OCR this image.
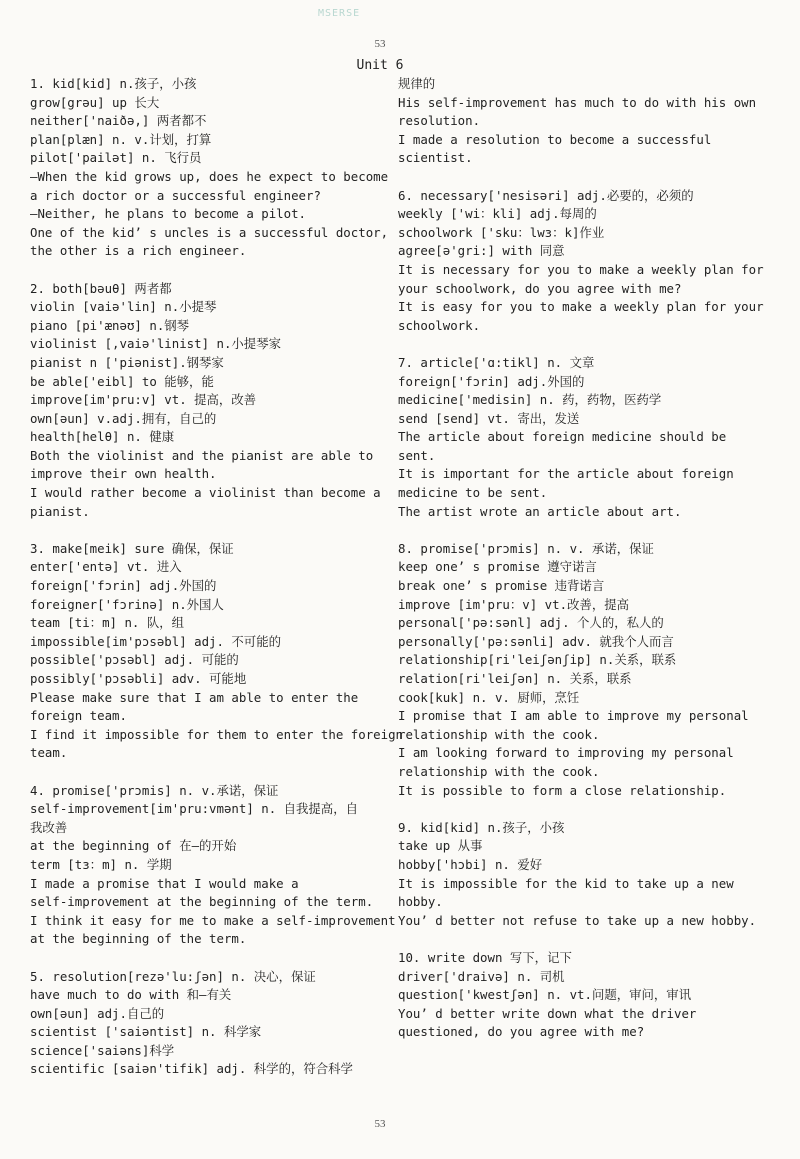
MSERSE
53
Unit 6
1. kid[kid] n.孩子，小孩
grow[grəu] up 长大
neither['naiðə,] 两者都不
plan[plæn] n. v.计划，打算
pilot['pailət] n. 飞行员
—When the kid grows up, does he expect to become
a rich doctor or a successful engineer?
—Neither, he plans to become a pilot.
One of the kid’ s uncles is a successful doctor,
the other is a rich engineer.
2. both[bəuθ] 两者都
violin [vaiə'lin] n.小提琴
piano [pi'ænəʊ] n.钢琴
violinist [,vaiə'linist] n.小提琴家
pianist n ['piənist].钢琴家
be able['eibl] to 能够，能
improve[im'pru:v] vt. 提高，改善
own[əun] v.adj.拥有，自己的
health[helθ] n. 健康
Both the violinist and the pianist are able to
improve their own health.
I would rather become a violinist than become a
pianist.
3. make[meik] sure 确保，保证
enter['entə] vt. 进入
foreign['fɔrin] adj.外国的
foreigner['fɔrinə] n.外国人
team [ti：m] n. 队，组
impossible[im'pɔsəbl] adj. 不可能的
possible['pɔsəbl] adj. 可能的
possibly['pɔsəbli] adv. 可能地
Please make sure that I am able to enter the
foreign team.
I find it impossible for them to enter the foreign
team.
4. promise['prɔmis] n. v.承诺，保证
self-improvement[im'pru:vmənt] n. 自我提高，自
我改善
at the beginning of 在—的开始
term [tɜ：m] n. 学期
I made a promise that I would make a
self-improvement at the beginning of the term.
I think it easy for me to make a self-improvement
at the beginning of the term.
5. resolution[rezə'lu:ʃən] n. 决心，保证
have much to do with 和—有关
own[əun] adj.自己的
scientist ['saiəntist] n. 科学家
science['saiəns]科学
scientific [saiən'tifik] adj. 科学的，符合科学
规律的
His self-improvement has much to do with his own
resolution.
I made a resolution to become a successful
scientist.
6. necessary['nesisəri] adj.必要的，必须的
weekly ['wi：kli] adj.每周的
schoolwork ['sku：lwɜ：k]作业
agree[ə'gri:] with 同意
It is necessary for you to make a weekly plan for
your schoolwork, do you agree with me?
It is easy for you to make a weekly plan for your
schoolwork.
7. article['ɑ:tikl] n. 文章
foreign['fɔrin] adj.外国的
medicine['medisin] n. 药，药物，医药学
send [send] vt. 寄出，发送
The article about foreign medicine should be
sent.
It is important for the article about foreign
medicine to be sent.
The artist wrote an article about art.
8. promise['prɔmis] n. v. 承诺，保证
keep one’ s promise 遵守诺言
break one’ s promise 违背诺言
improve [im'pru：v] vt.改善，提高
personal['pə:sənl] adj. 个人的，私人的
personally['pə:sənli] adv. 就我个人而言
relationship[ri'leiʃənʃip] n.关系，联系
relation[ri'leiʃən] n. 关系，联系
cook[kuk] n. v. 厨师，烹饪
I promise that I am able to improve my personal
relationship with the cook.
I am looking forward to improving my personal
relationship with the cook.
It is possible to form a close relationship.
9. kid[kid] n.孩子，小孩
take up 从事
hobby['hɔbi] n. 爱好
It is impossible for the kid to take up a new
hobby.
You’ d better not refuse to take up a new hobby.
10. write down 写下，记下
driver['draivə] n. 司机
question['kwestʃən] n. vt.问题，审问，审讯
You’ d better write down what the driver
questioned, do you agree with me?
53
